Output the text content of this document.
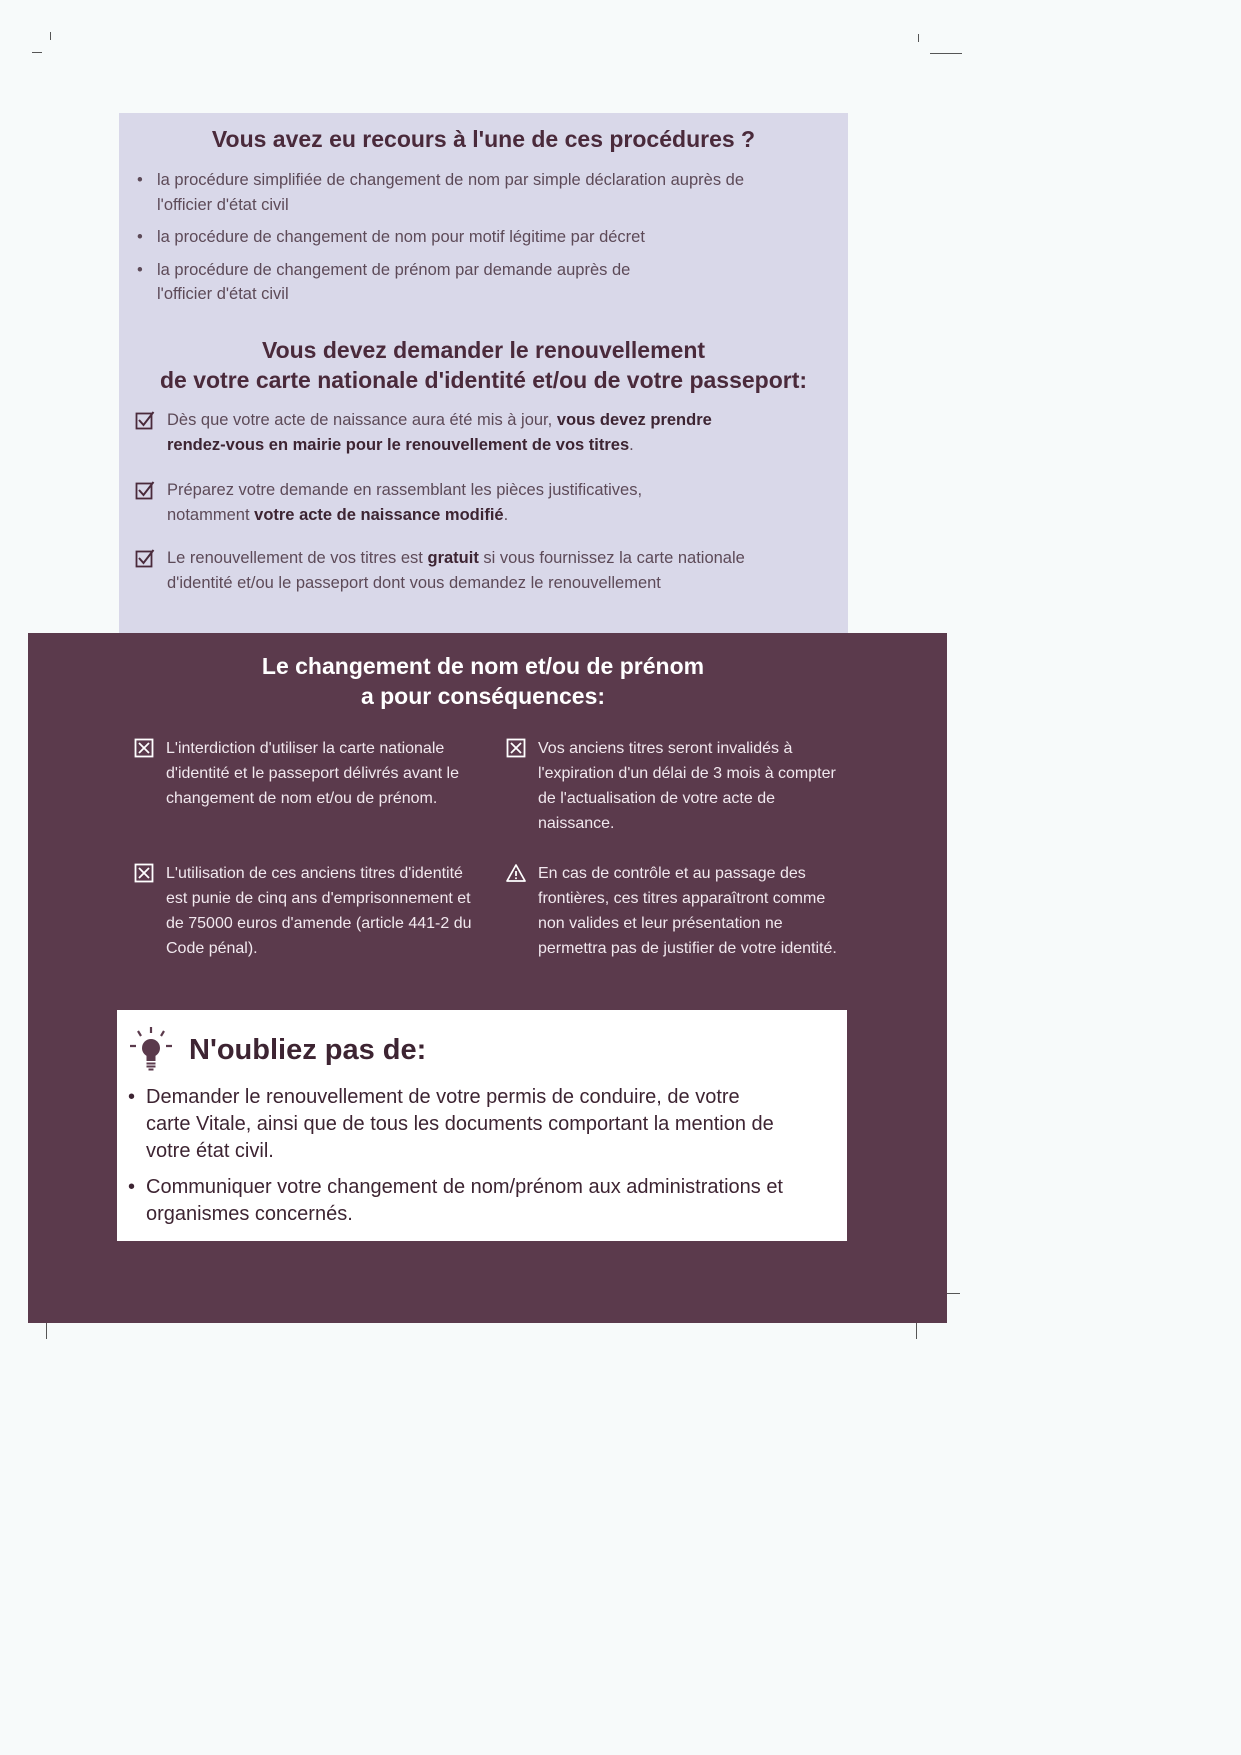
Vous avez eu recours à l'une de ces procédures ?
• la procédure simplifiée de changement de nom par simple déclaration auprès de l'officier d'état civil
• la procédure de changement de nom pour motif légitime par décret
• la procédure de changement de prénom par demande auprès de l'officier d'état civil
Vous devez demander le renouvellement
de votre carte nationale d'identité et/ou de votre passeport:
Dès que votre acte de naissance aura été mis à jour, vous devez prendre rendez-vous en mairie pour le renouvellement de vos titres.
Préparez votre demande en rassemblant les pièces justificatives, notamment votre acte de naissance modifié.
Le renouvellement de vos titres est gratuit si vous fournissez la carte nationale d'identité et/ou le passeport dont vous demandez le renouvellement
Le changement de nom et/ou de prénom
a pour conséquences:
L'interdiction d'utiliser la carte nationale d'identité et le passeport délivrés avant le changement de nom et/ou de prénom.
Vos anciens titres seront invalidés à l'expiration d'un délai de 3 mois à compter de l'actualisation de votre acte de naissance.
L'utilisation de ces anciens titres d'identité est punie de cinq ans d'emprisonnement et de 75000 euros d'amende (article 441-2 du Code pénal).
En cas de contrôle et au passage des frontières, ces titres apparaîtront comme non valides et leur présentation ne permettra pas de justifier de votre identité.
N'oubliez pas de:
• Demander le renouvellement de votre permis de conduire, de votre carte Vitale, ainsi que de tous les documents comportant la mention de votre état civil.
• Communiquer votre changement de nom/prénom aux administrations et organismes concernés.
